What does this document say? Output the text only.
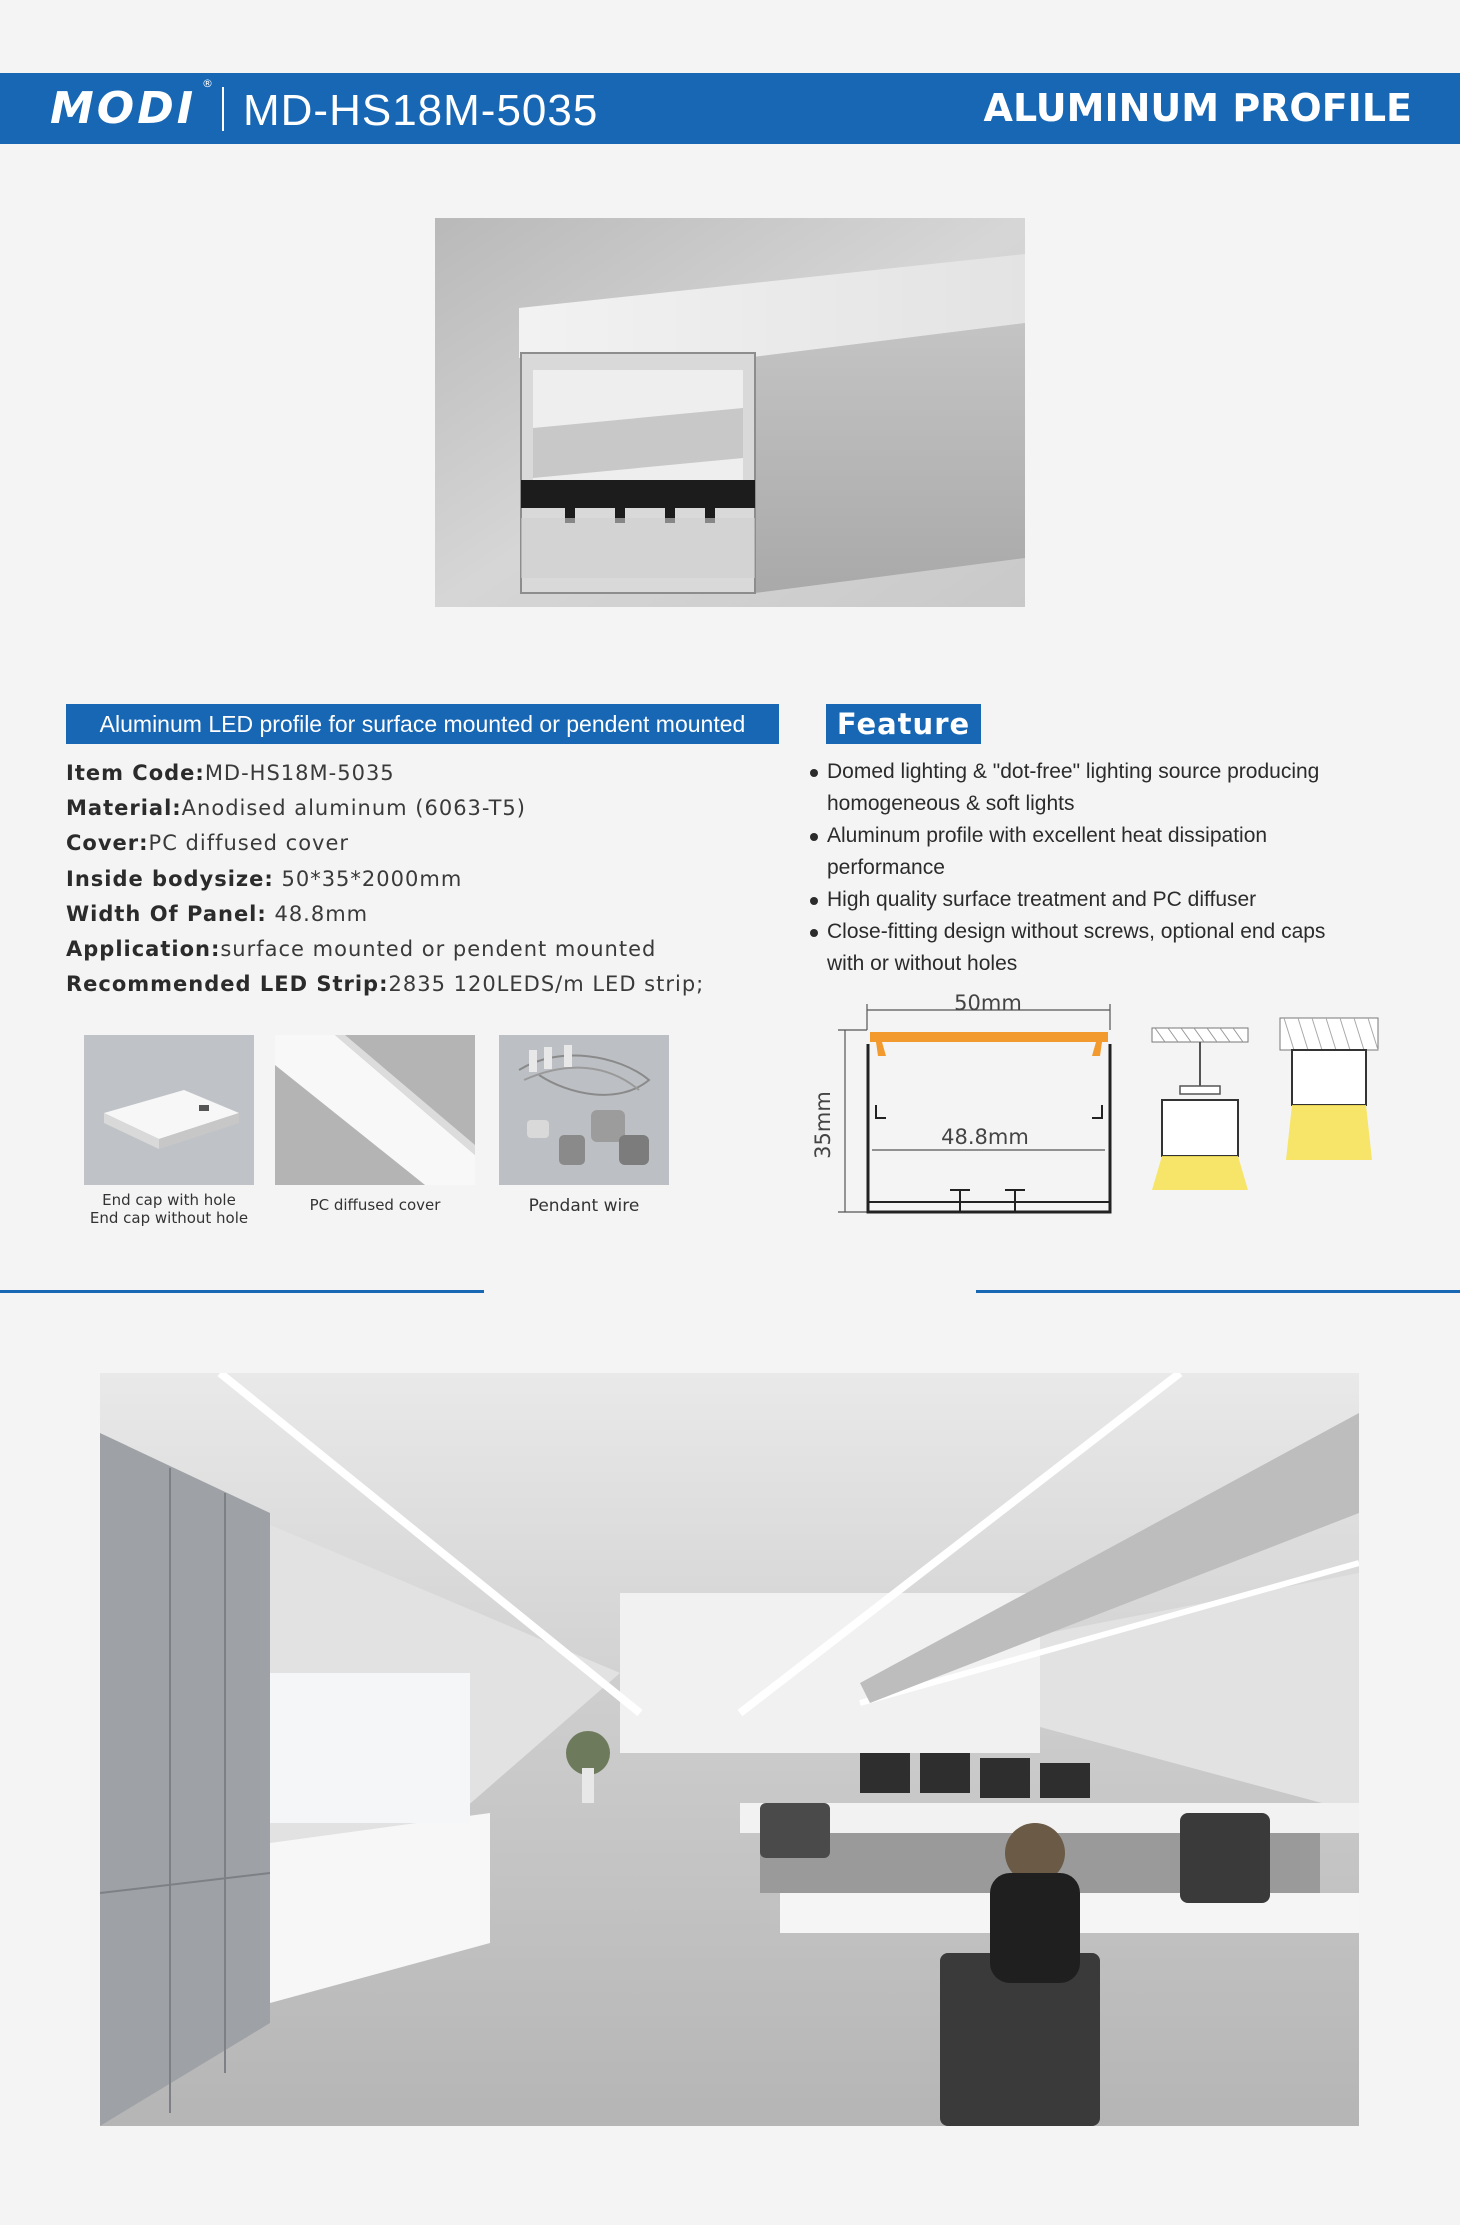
MODI ®
MD-HS18M-5035	ALUMINUM PROFILE
Aluminum LED profile for surface mounted or pendent mounted
Item Code:MD-HS18M-5035
Material:Anodised aluminum (6063-T5)
Cover:PC diffused cover
Inside bodysize: 50*35*2000mm
Width Of Panel: 48.8mm
Application:surface mounted or pendent mounted
Recommended LED Strip:2835 120LEDS/m LED strip;
Feature
Domed lighting & "dot-free" lighting source producing homogeneous & soft lights
Aluminum profile with excellent heat dissipation performance
High quality surface treatment and PC diffuser
Close-fitting design without screws, optional end caps with or without holes
End cap with hole
End cap without hole
PC diffused cover	Pendant wire
50mm
35mm	48.8mm
